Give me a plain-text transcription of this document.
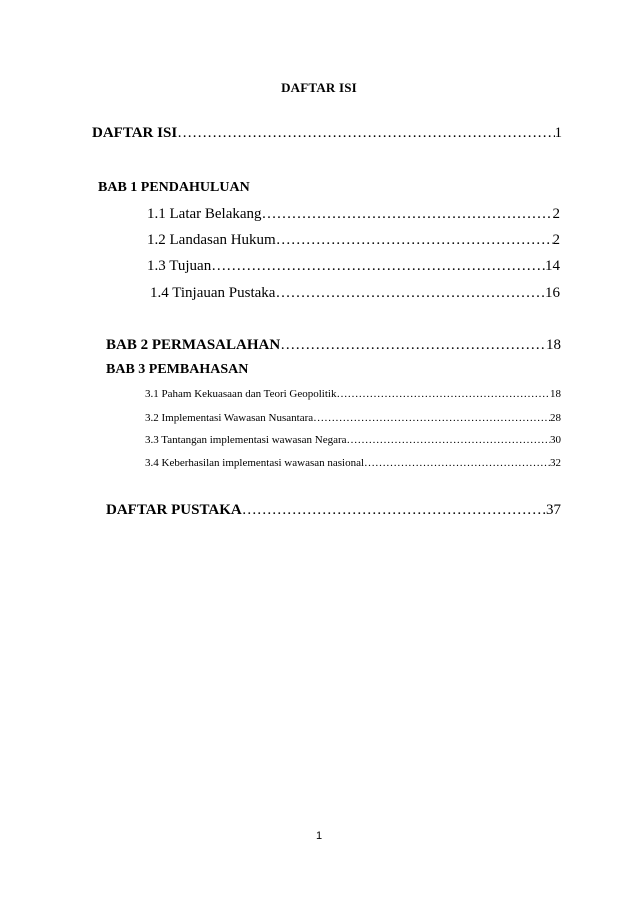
DAFTAR ISI
DAFTAR ISI ………………………………………………………………………………………………………………………………………………………………	1
BAB 1 PENDAHULUAN
1.1 Latar Belakang ………………………………………………………………………………………………………………………………………………………………	2
1.2 Landasan Hukum ………………………………………………………………………………………………………………………………………………………………	2
1.3 Tujuan ………………………………………………………………………………………………………………………………………………………………	14
1.4 Tinjauan Pustaka ………………………………………………………………………………………………………………………………………………………………	16
BAB 2 PERMASALAHAN ………………………………………………………………………………………………………………………………………………………………	18
BAB 3 PEMBAHASAN
3.1 Paham Kekuasaan dan Teori Geopolitik ………………………………………………………………………………………………………………………………………………………………	18
3.2 Implementasi Wawasan Nusantara ………………………………………………………………………………………………………………………………………………………………	28
3.3 Tantangan implementasi wawasan Negara ………………………………………………………………………………………………………………………………………………………………	30
3.4 Keberhasilan implementasi wawasan nasional ………………………………………………………………………………………………………………………………………………………………	32
DAFTAR PUSTAKA ………………………………………………………………………………………………………………………………………………………………	37
1
